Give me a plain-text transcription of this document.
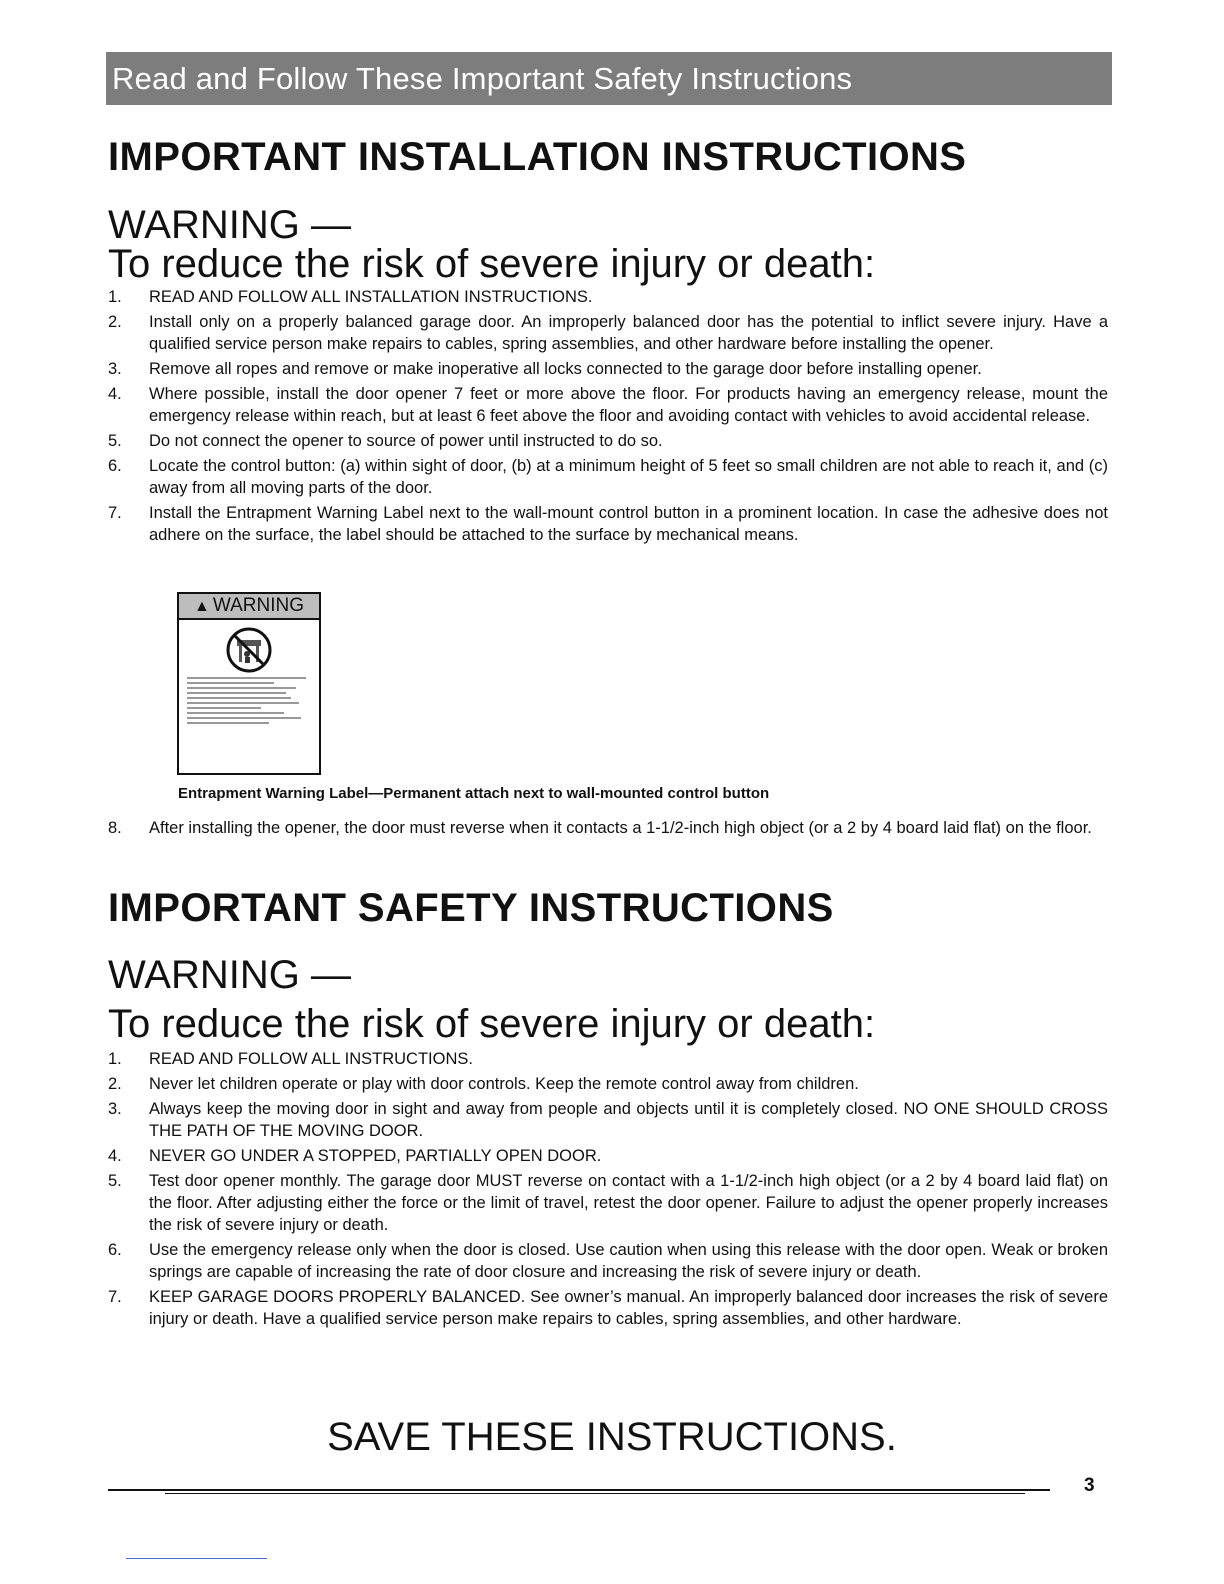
Read and Follow These Important Safety Instructions
IMPORTANT INSTALLATION INSTRUCTIONS
WARNING —
To reduce the risk of severe injury or death:
1. READ AND FOLLOW ALL INSTALLATION INSTRUCTIONS.
2. Install only on a properly balanced garage door. An improperly balanced door has the potential to inflict severe injury. Have a qualified service person make repairs to cables, spring assemblies, and other hardware before installing the opener.
3. Remove all ropes and remove or make inoperative all locks connected to the garage door before installing opener.
4. Where possible, install the door opener 7 feet or more above the floor. For products having an emergency release, mount the emergency release within reach, but at least 6 feet above the floor and avoiding contact with vehicles to avoid accidental release.
5. Do not connect the opener to source of power until instructed to do so.
6. Locate the control button: (a) within sight of door, (b) at a minimum height of 5 feet so small children are not able to reach it, and (c) away from all moving parts of the door.
7. Install the Entrapment Warning Label next to the wall-mount control button in a prominent location. In case the adhesive does not adhere on the surface, the label should be attached to the surface by mechanical means.
▲ WARNING

Entrapment Warning Label—Permanent attach next to wall-mounted control button

8. After installing the opener, the door must reverse when it contacts a 1-1/2-inch high object (or a 2 by 4 board laid flat) on the floor.
IMPORTANT SAFETY INSTRUCTIONS
WARNING —
To reduce the risk of severe injury or death:
1. READ AND FOLLOW ALL INSTRUCTIONS.
2. Never let children operate or play with door controls. Keep the remote control away from children.
3. Always keep the moving door in sight and away from people and objects until it is completely closed. NO ONE SHOULD CROSS THE PATH OF THE MOVING DOOR.
4. NEVER GO UNDER A STOPPED, PARTIALLY OPEN DOOR.
5. Test door opener monthly. The garage door MUST reverse on contact with a 1-1/2-inch high object (or a 2 by 4 board laid flat) on the floor. After adjusting either the force or the limit of travel, retest the door opener. Failure to adjust the opener properly increases the risk of severe injury or death.
6. Use the emergency release only when the door is closed. Use caution when using this release with the door open. Weak or broken springs are capable of increasing the rate of door closure and increasing the risk of severe injury or death.
7. KEEP GARAGE DOORS PROPERLY BALANCED. See owner’s manual. An improperly balanced door increases the risk of severe injury or death. Have a qualified service person make repairs to cables, spring assemblies, and other hardware.

SAVE THESE INSTRUCTIONS.

3
